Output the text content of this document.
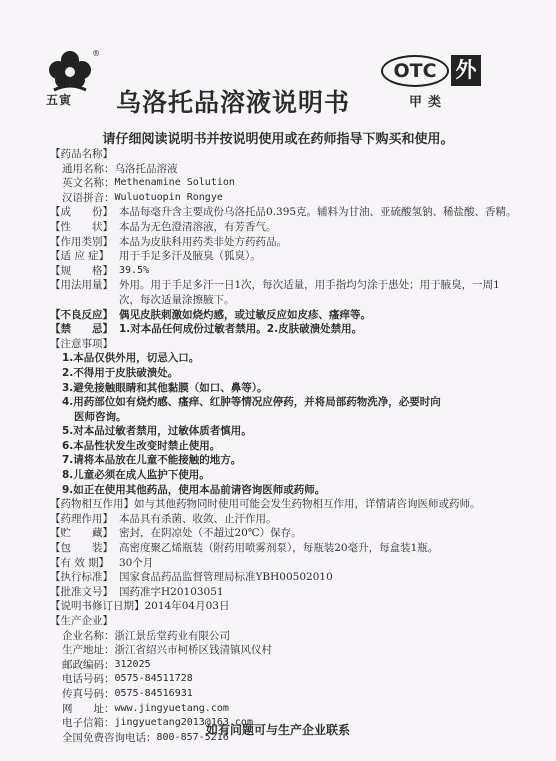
®
五寅 乌洛托品溶液说明书
OTC 外
甲类
请仔细阅读说明书并按说明使用或在药师指导下购买和使用。
【药品名称】
通用名称： 乌洛托品溶液
英文名称： Methenamine Solution
汉语拼音： Wuluotuopin Rongye
【成　　份】 本品每毫升含主要成份乌洛托品0.395克。辅料为甘油、亚硫酸氢钠、稀盐酸、香精。
【性　　状】 本品为无色澄清溶液，有芳香气。
【作用类别】 本品为皮肤科用药类非处方药药品。
【适 应 症】 用于手足多汗及腋臭（狐臭）。
【规　　格】 39.5%
【用法用量】 外用。用于手足多汗一日1次，每次适量，用手指均匀涂于患处；用于腋臭，一周1次，每次适量涂擦腋下。
【不良反应】 偶见皮肤刺激如烧灼感，或过敏反应如皮疹、瘙痒等。
【禁　　忌】 1.对本品任何成份过敏者禁用。2.皮肤破溃处禁用。
【注意事项】
1.本品仅供外用，切忌入口。
2.不得用于皮肤破溃处。
3.避免接触眼睛和其他黏膜（如口、鼻等）。
4.用药部位如有烧灼感、瘙痒、红肿等情况应停药，并将局部药物洗净，必要时向
医师咨询。
5.对本品过敏者禁用，过敏体质者慎用。
6.本品性状发生改变时禁止使用。
7.请将本品放在儿童不能接触的地方。
8.儿童必须在成人监护下使用。
9.如正在使用其他药品，使用本品前请咨询医师或药师。
【药物相互作用】 如与其他药物同时使用可能会发生药物相互作用，详情请咨询医师或药师。
【药理作用】 本品具有杀菌、收敛、止汗作用。
【贮　　藏】 密封，在阴凉处（不超过20℃）保存。
【包　　装】 高密度聚乙烯瓶装（附药用喷雾剂泵），每瓶装20毫升，每盒装1瓶。
【有 效 期】 30个月
【执行标准】 国家食品药品监督管理局标准YBH00502010
【批准文号】 国药准字H20103051
【说明书修订日期】 2014年04月03日
【生产企业】
企业名称： 浙江景岳堂药业有限公司
生产地址： 浙江省绍兴市柯桥区钱清镇风仪村
邮政编码： 312025
电话号码： 0575-84511728
传真号码： 0575-84516931
网　　址： www.jingyuetang.com
电子信箱： jingyuetang2013@163.com
全国免费咨询电话： 800-857-5216
如有问题可与生产企业联系
